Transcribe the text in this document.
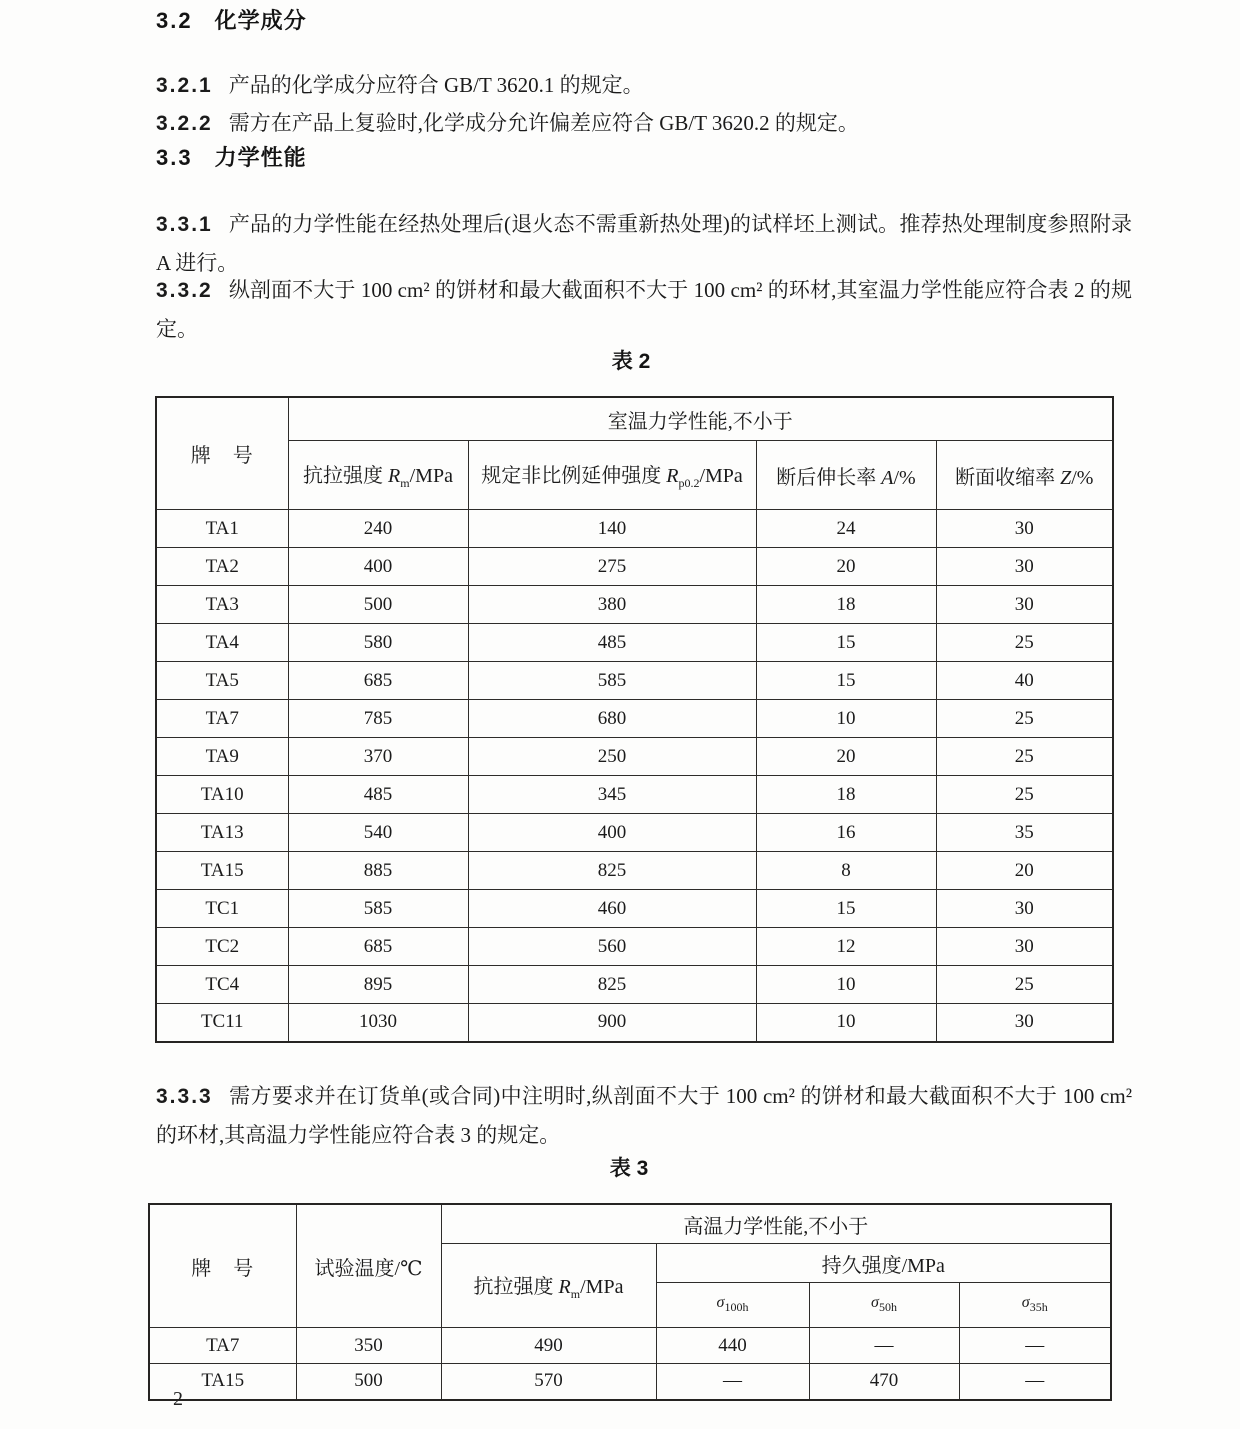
3.2 化学成分

3.2.1 产品的化学成分应符合 GB/T 3620.1 的规定。

3.2.2 需方在产品上复验时,化学成分允许偏差应符合 GB/T 3620.2 的规定。

3.3 力学性能

3.3.1 产品的力学性能在经热处理后(退火态不需重新热处理)的试样坯上测试。推荐热处理制度参照附录 A 进行。

3.3.2 纵剖面不大于 100 cm² 的饼材和最大截面积不大于 100 cm² 的环材,其室温力学性能应符合表 2 的规定。

表 2
牌　号	室温力学性能,不小于			
	抗拉强度 $R_m$/MPa	规定非比例延伸强度 $R_{p0.2}$/MPa	断后伸长率 A/%	断面收缩率 Z/%
TA1	240	140	24	30
TA2	400	275	20	30
TA3	500	380	18	30
TA4	580	485	15	25
TA5	685	585	15	40
TA7	785	680	10	25
TA9	370	250	20	25
TA10	485	345	18	25
TA13	540	400	16	35
TA15	885	825	8	20
TC1	585	460	15	30
TC2	685	560	12	30
TC4	895	825	10	25
TC11	1030	900	10	30

3.3.3 需方要求并在订货单(或合同)中注明时,纵剖面不大于 100 cm² 的饼材和最大截面积不大于 100 cm² 的环材,其高温力学性能应符合表 3 的规定。

表 3
牌　号	试验温度/℃	高温力学性能,不小于			
		抗拉强度 $R_m$/MPa	持久强度/MPa		
			$\sigma_{100h}$	$\sigma_{50h}$	$\sigma_{35h}$
TA7	350	490	440	—	—
TA15	500	570	—	470	—
2
